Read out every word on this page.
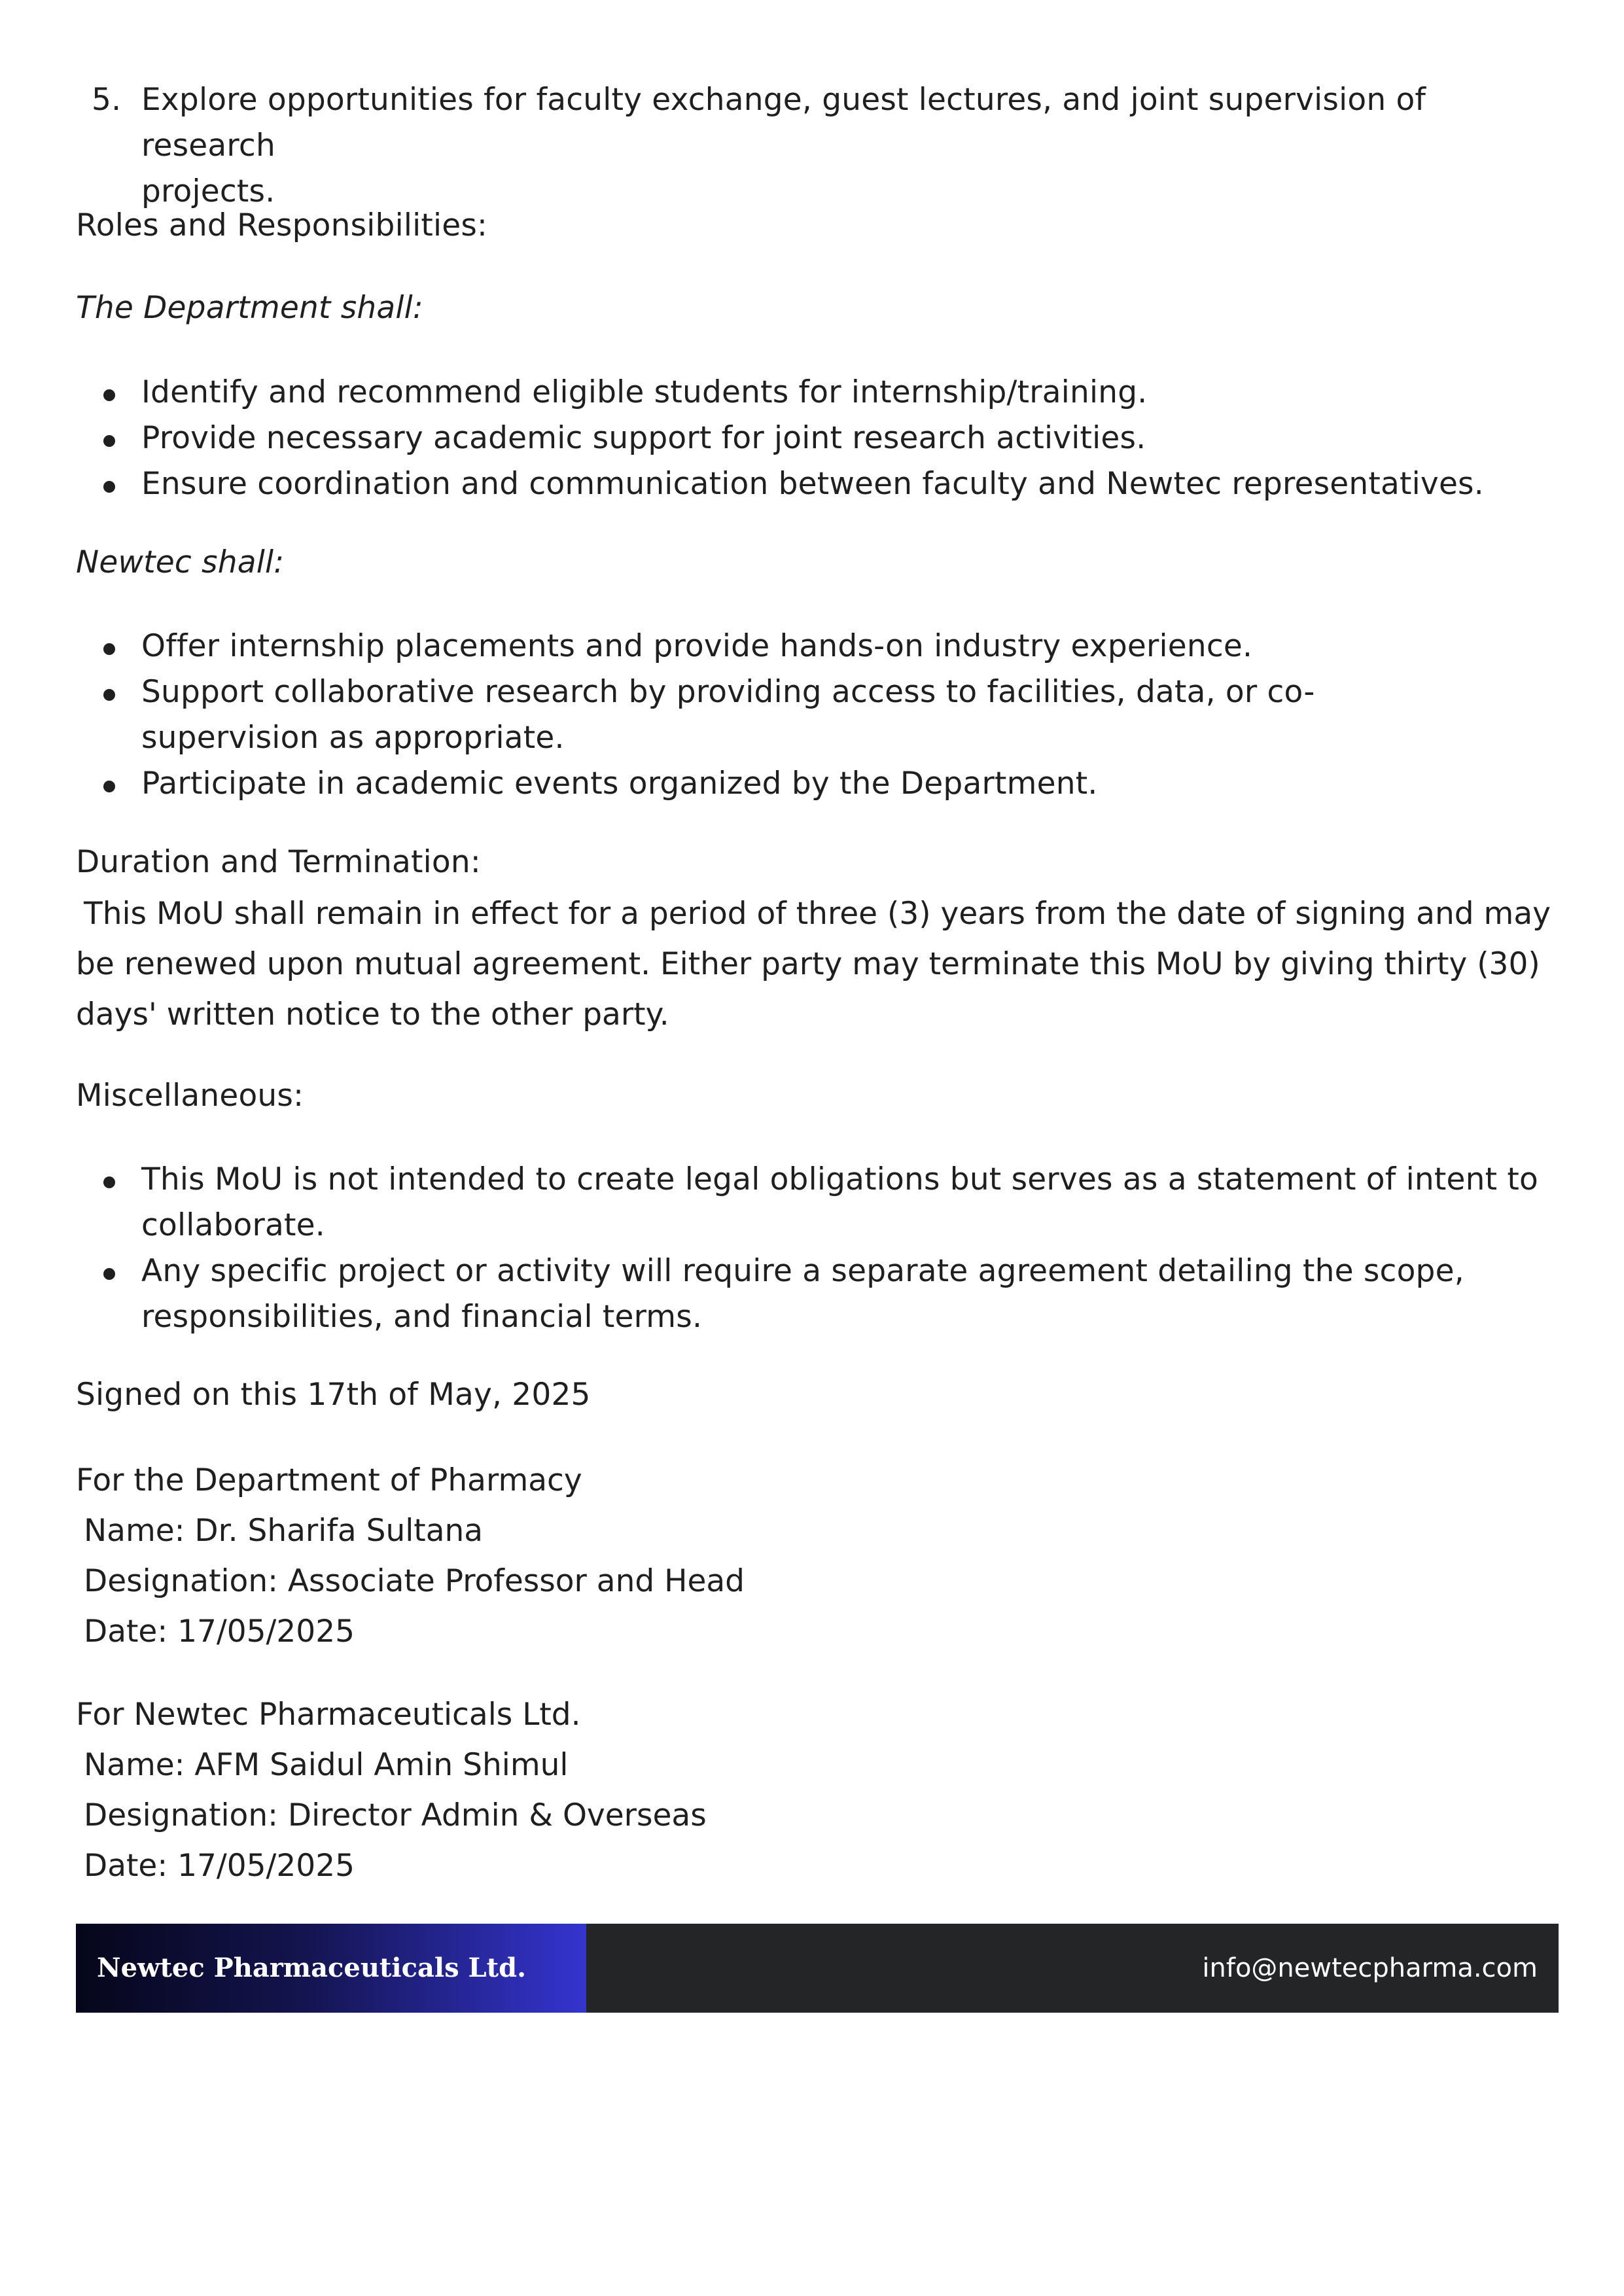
5. Explore opportunities for faculty exchange, guest lectures, and joint supervision of research
projects.
Roles and Responsibilities:
The Department shall:
Identify and recommend eligible students for internship/training.
Provide necessary academic support for joint research activities.
Ensure coordination and communication between faculty and Newtec representatives.
Newtec shall:
Offer internship placements and provide hands-on industry experience.
Support collaborative research by providing access to facilities, data, or co-supervision as appropriate.
Participate in academic events organized by the Department.
Duration and Termination:
This MoU shall remain in effect for a period of three (3) years from the date of signing and may be renewed upon mutual agreement. Either party may terminate this MoU by giving thirty (30) days' written notice to the other party.
Miscellaneous:
This MoU is not intended to create legal obligations but serves as a statement of intent to collaborate.
Any specific project or activity will require a separate agreement detailing the scope, responsibilities, and financial terms.
Signed on this 17th of May, 2025
For the Department of Pharmacy
Name: Dr. Sharifa Sultana
Designation: Associate Professor and Head
Date: 17/05/2025
For Newtec Pharmaceuticals Ltd.
Name: AFM Saidul Amin Shimul
Designation: Director Admin & Overseas
Date: 17/05/2025
Newtec Pharmaceuticals Ltd.	info@newtecpharma.com
